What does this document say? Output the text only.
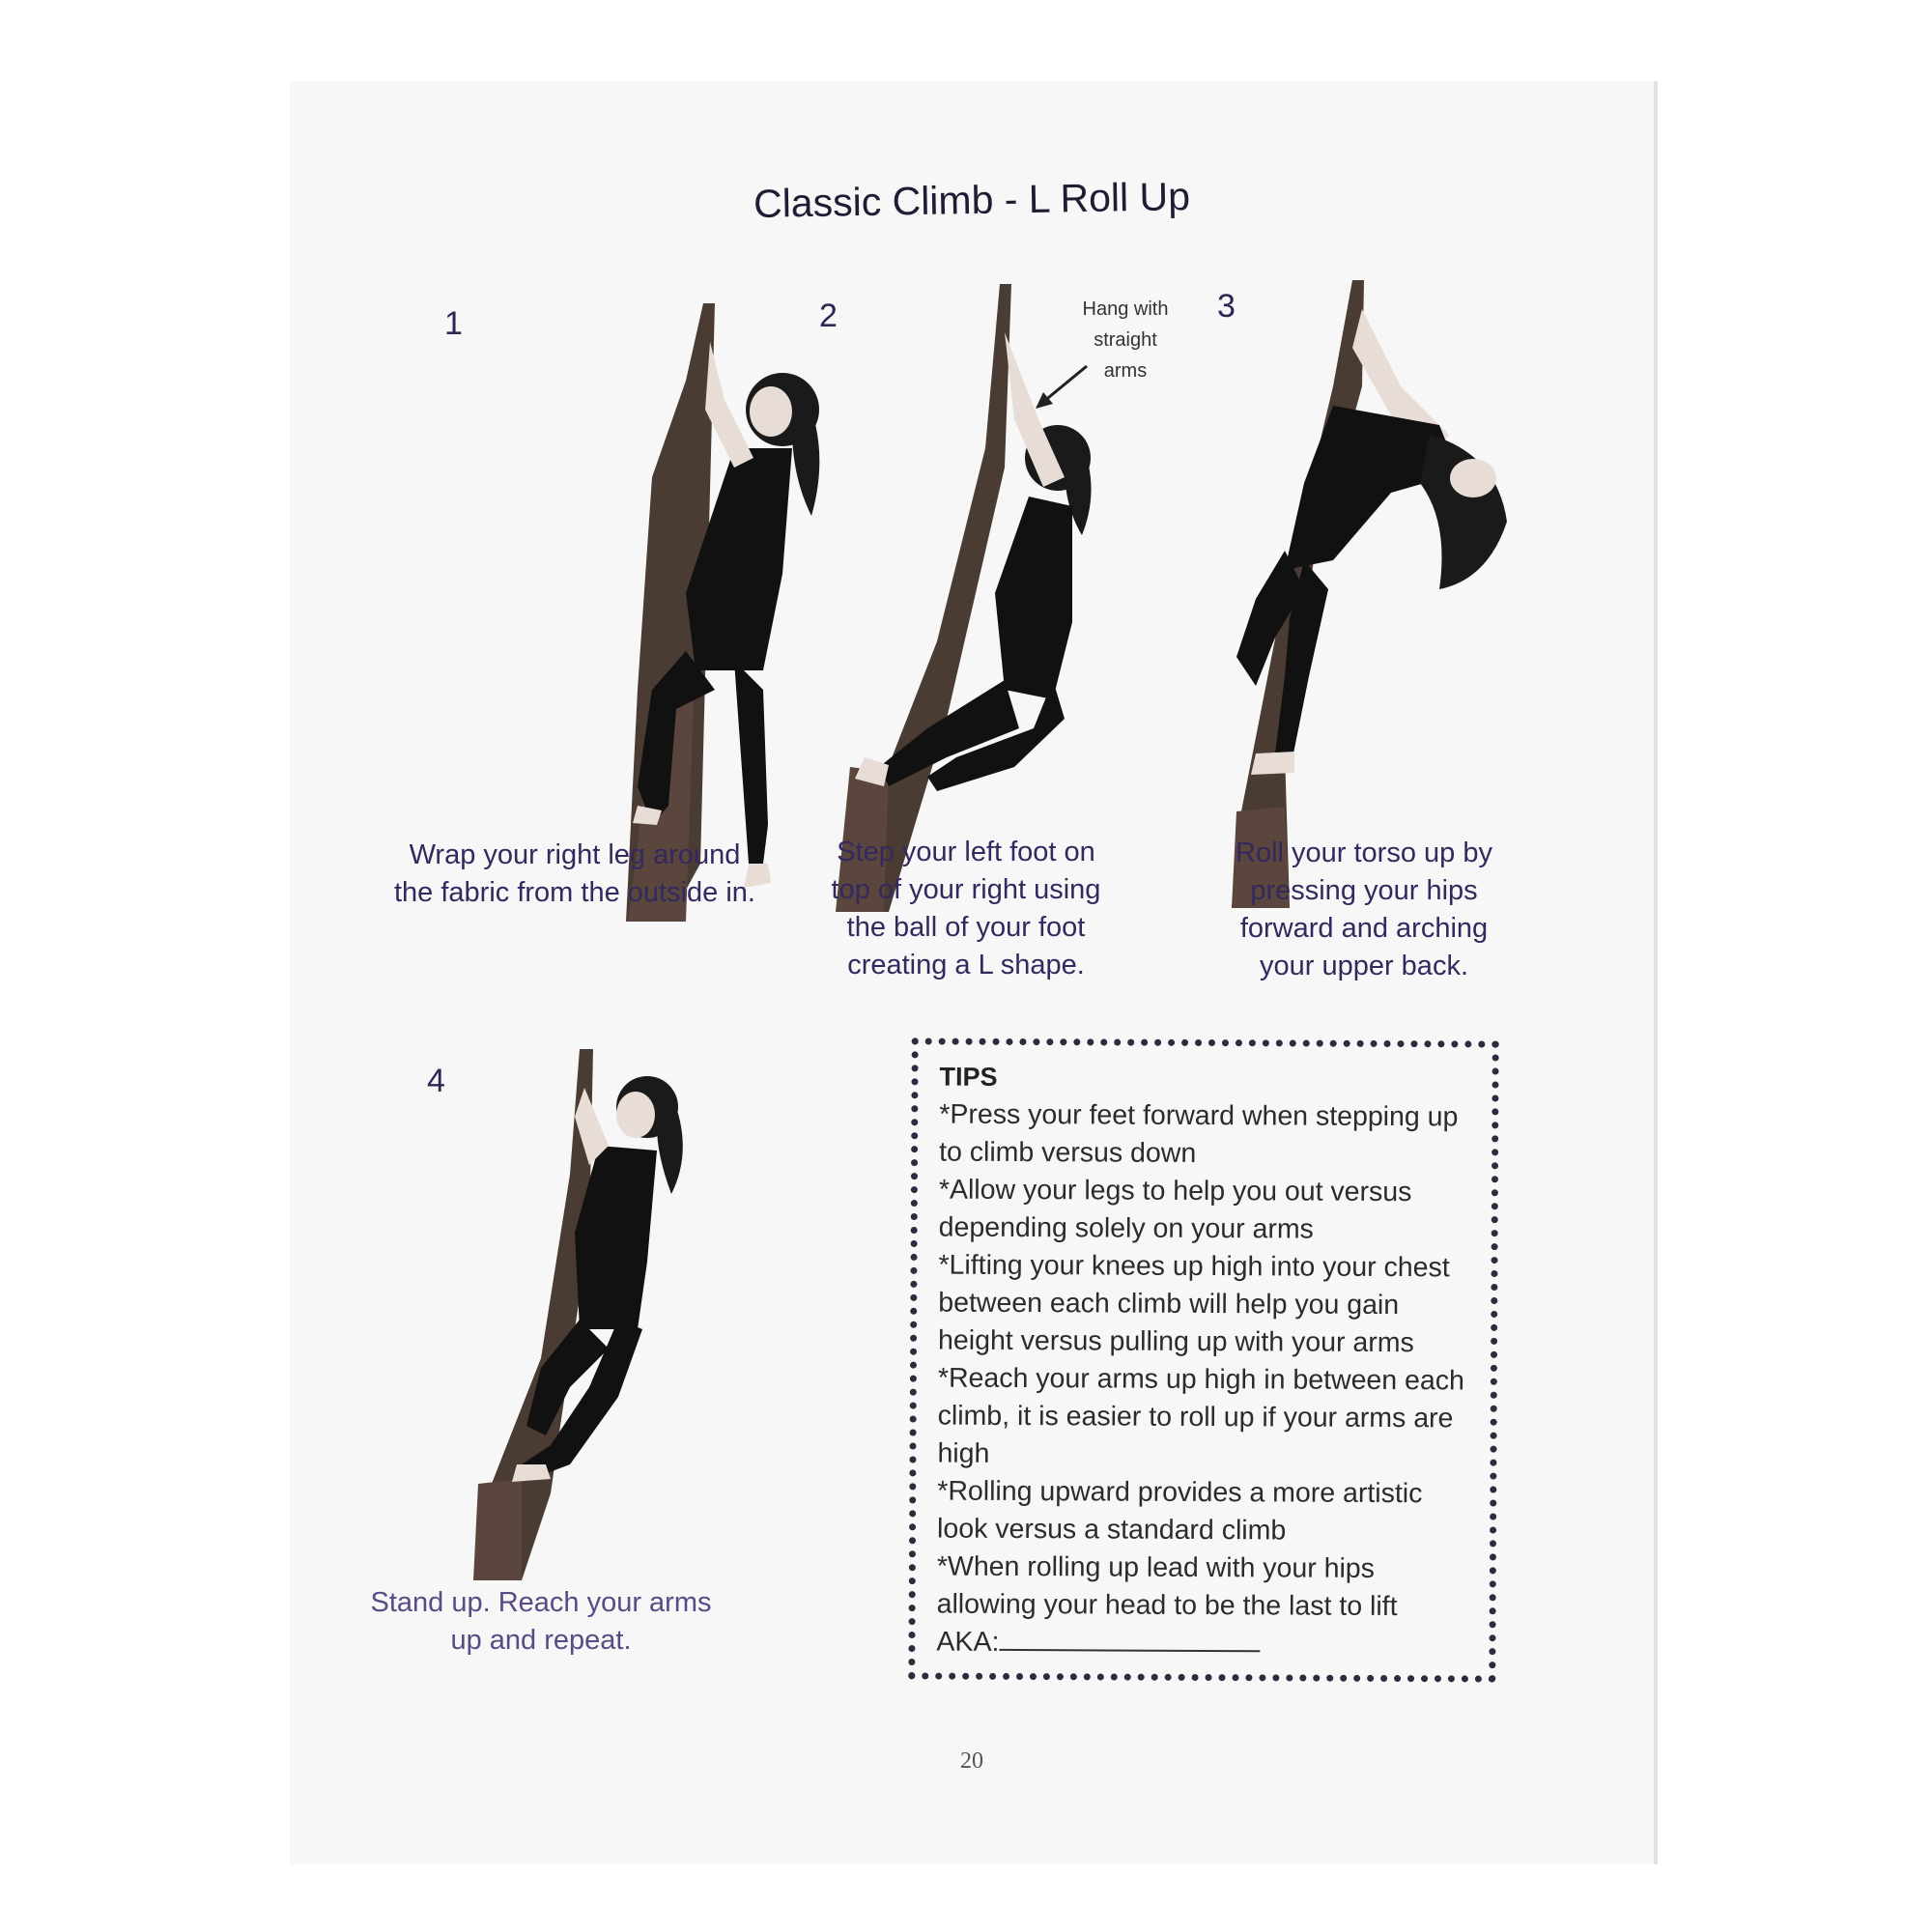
Classic Climb - L Roll Up
1
Wrap your right leg around
the fabric from the outside in.
2	Hang with
straight
arms
Step your left foot on
top of your right using
the ball of your foot
creating a L shape.
3
Roll your torso up by
pressing your hips
forward and arching
your upper back.
4
Stand up. Reach your arms
up and repeat.
TIPS
*Press your feet forward when stepping up
to climb versus down
*Allow your legs to help you out versus
depending solely on your arms
*Lifting your knees up high into your chest
between each climb will help you gain
height versus pulling up with your arms
*Reach your arms up high in between each
climb, it is easier to roll up if your arms are
high
*Rolling upward provides a more artistic
look versus a standard climb
*When rolling up lead with your hips
allowing your head to be the last to lift
AKA:
20
